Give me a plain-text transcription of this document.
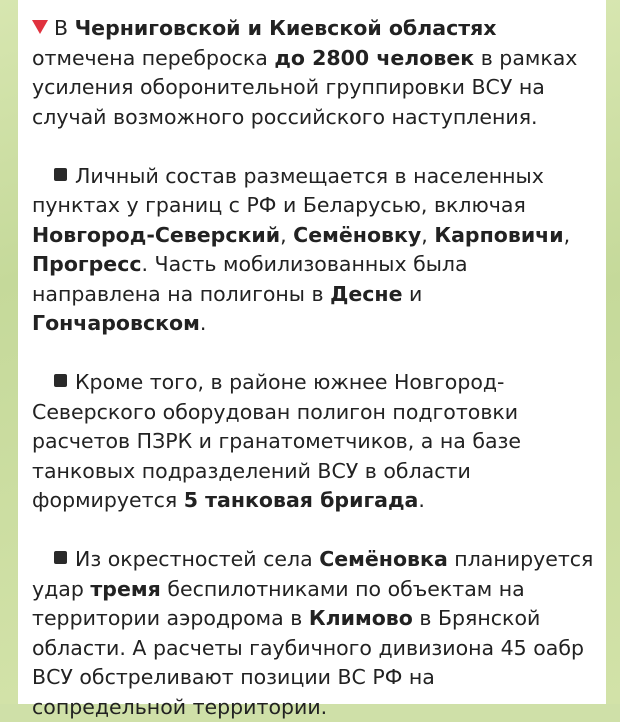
В Черниговской и Киевской областях отмечена переброска до 2800 человек в рамках усиления оборонительной группировки ВСУ на случай возможного российского наступления.

Личный состав размещается в населенных пунктах у границ с РФ и Беларусью, включая Новгород-Северский, Семёновку, Карповичи, Прогресс. Часть мобилизованных была направлена на полигоны в Десне и Гончаровском.

Кроме того, в районе южнее Новгород-Северского оборудован полигон подготовки расчетов ПЗРК и гранатометчиков, а на базе танковых подразделений ВСУ в области формируется 5 танковая бригада.

Из окрестностей села Семёновка планируется удар тремя беспилотниками по объектам на территории аэродрома в Климово в Брянской области. А расчеты гаубичного дивизиона 45 оабр ВСУ обстреливают позиции ВС РФ на сопредельной территории.
